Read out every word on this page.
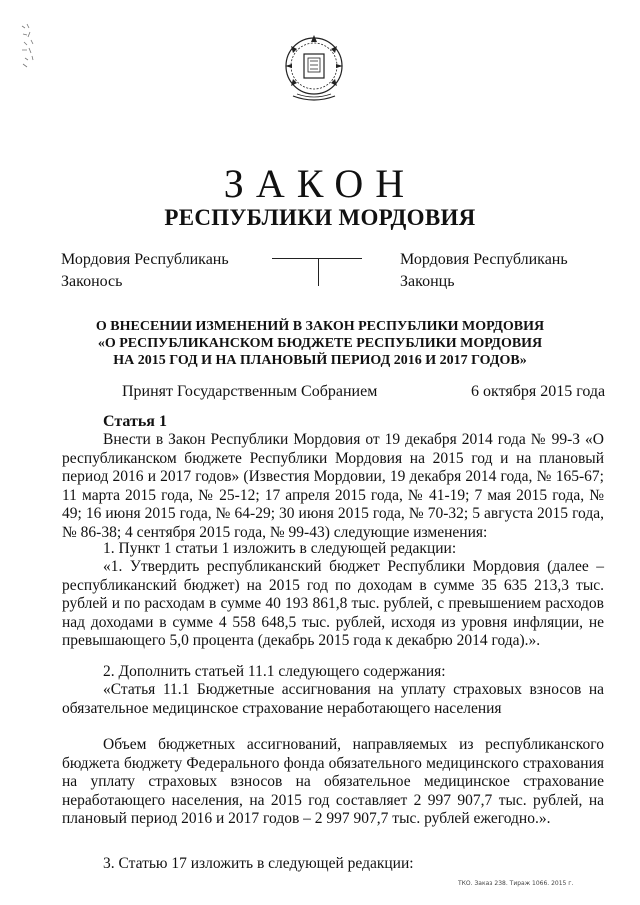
ЗАКОН
РЕСПУБЛИКИ МОРДОВИЯ
Мордовия Республикань
Законось
Мордовия Республикань
Законць
О ВНЕСЕНИИ ИЗМЕНЕНИЙ В ЗАКОН РЕСПУБЛИКИ МОРДОВИЯ
«О РЕСПУБЛИКАНСКОМ БЮДЖЕТЕ РЕСПУБЛИКИ МОРДОВИЯ
НА 2015 ГОД И НА ПЛАНОВЫЙ ПЕРИОД 2016 И 2017 ГОДОВ»
Принят Государственным Собранием	6 октября 2015 года
Статья 1

Внести в Закон Республики Мордовия от 19 декабря 2014 года № 99-З «О республиканском бюджете Республики Мордовия на 2015 год и на плановый период 2016 и 2017 годов» (Известия Мордовии, 19 декабря 2014 года, № 165-67; 11 марта 2015 года, № 25-12; 17 апреля 2015 года, № 41-19; 7 мая 2015 года, № 49; 16 июня 2015 года, № 64-29; 30 июня 2015 года, № 70-32; 5 августа 2015 года, № 86-38; 4 сентября 2015 года, № 99-43) следующие изменения:

1. Пункт 1 статьи 1 изложить в следующей редакции:

«1. Утвердить республиканский бюджет Республики Мордовия (далее – республиканский бюджет) на 2015 год по доходам в сумме 35 635 213,3 тыс. рублей и по расходам в сумме 40 193 861,8 тыс. рублей, с превышением расходов над доходами в сумме 4 558 648,5 тыс. рублей, исходя из уровня инфляции, не превышающего 5,0 процента (декабрь 2015 года к декабрю 2014 года).».

2. Дополнить статьей 11.1 следующего содержания:

«Статья 11.1 Бюджетные ассигнования на уплату страховых взносов на обязательное медицинское страхование неработающего населения

Объем бюджетных ассигнований, направляемых из республиканского бюджета бюджету Федерального фонда обязательного медицинского страхования на уплату страховых взносов на обязательное медицинское страхование неработающего населения, на 2015 год составляет 2 997 907,7 тыс. рублей, на плановый период 2016 и 2017 годов – 2 997 907,7 тыс. рублей ежегодно.».

3. Статью 17 изложить в следующей редакции:

ТКО. Заказ 238. Тираж 1066. 2015 г.
